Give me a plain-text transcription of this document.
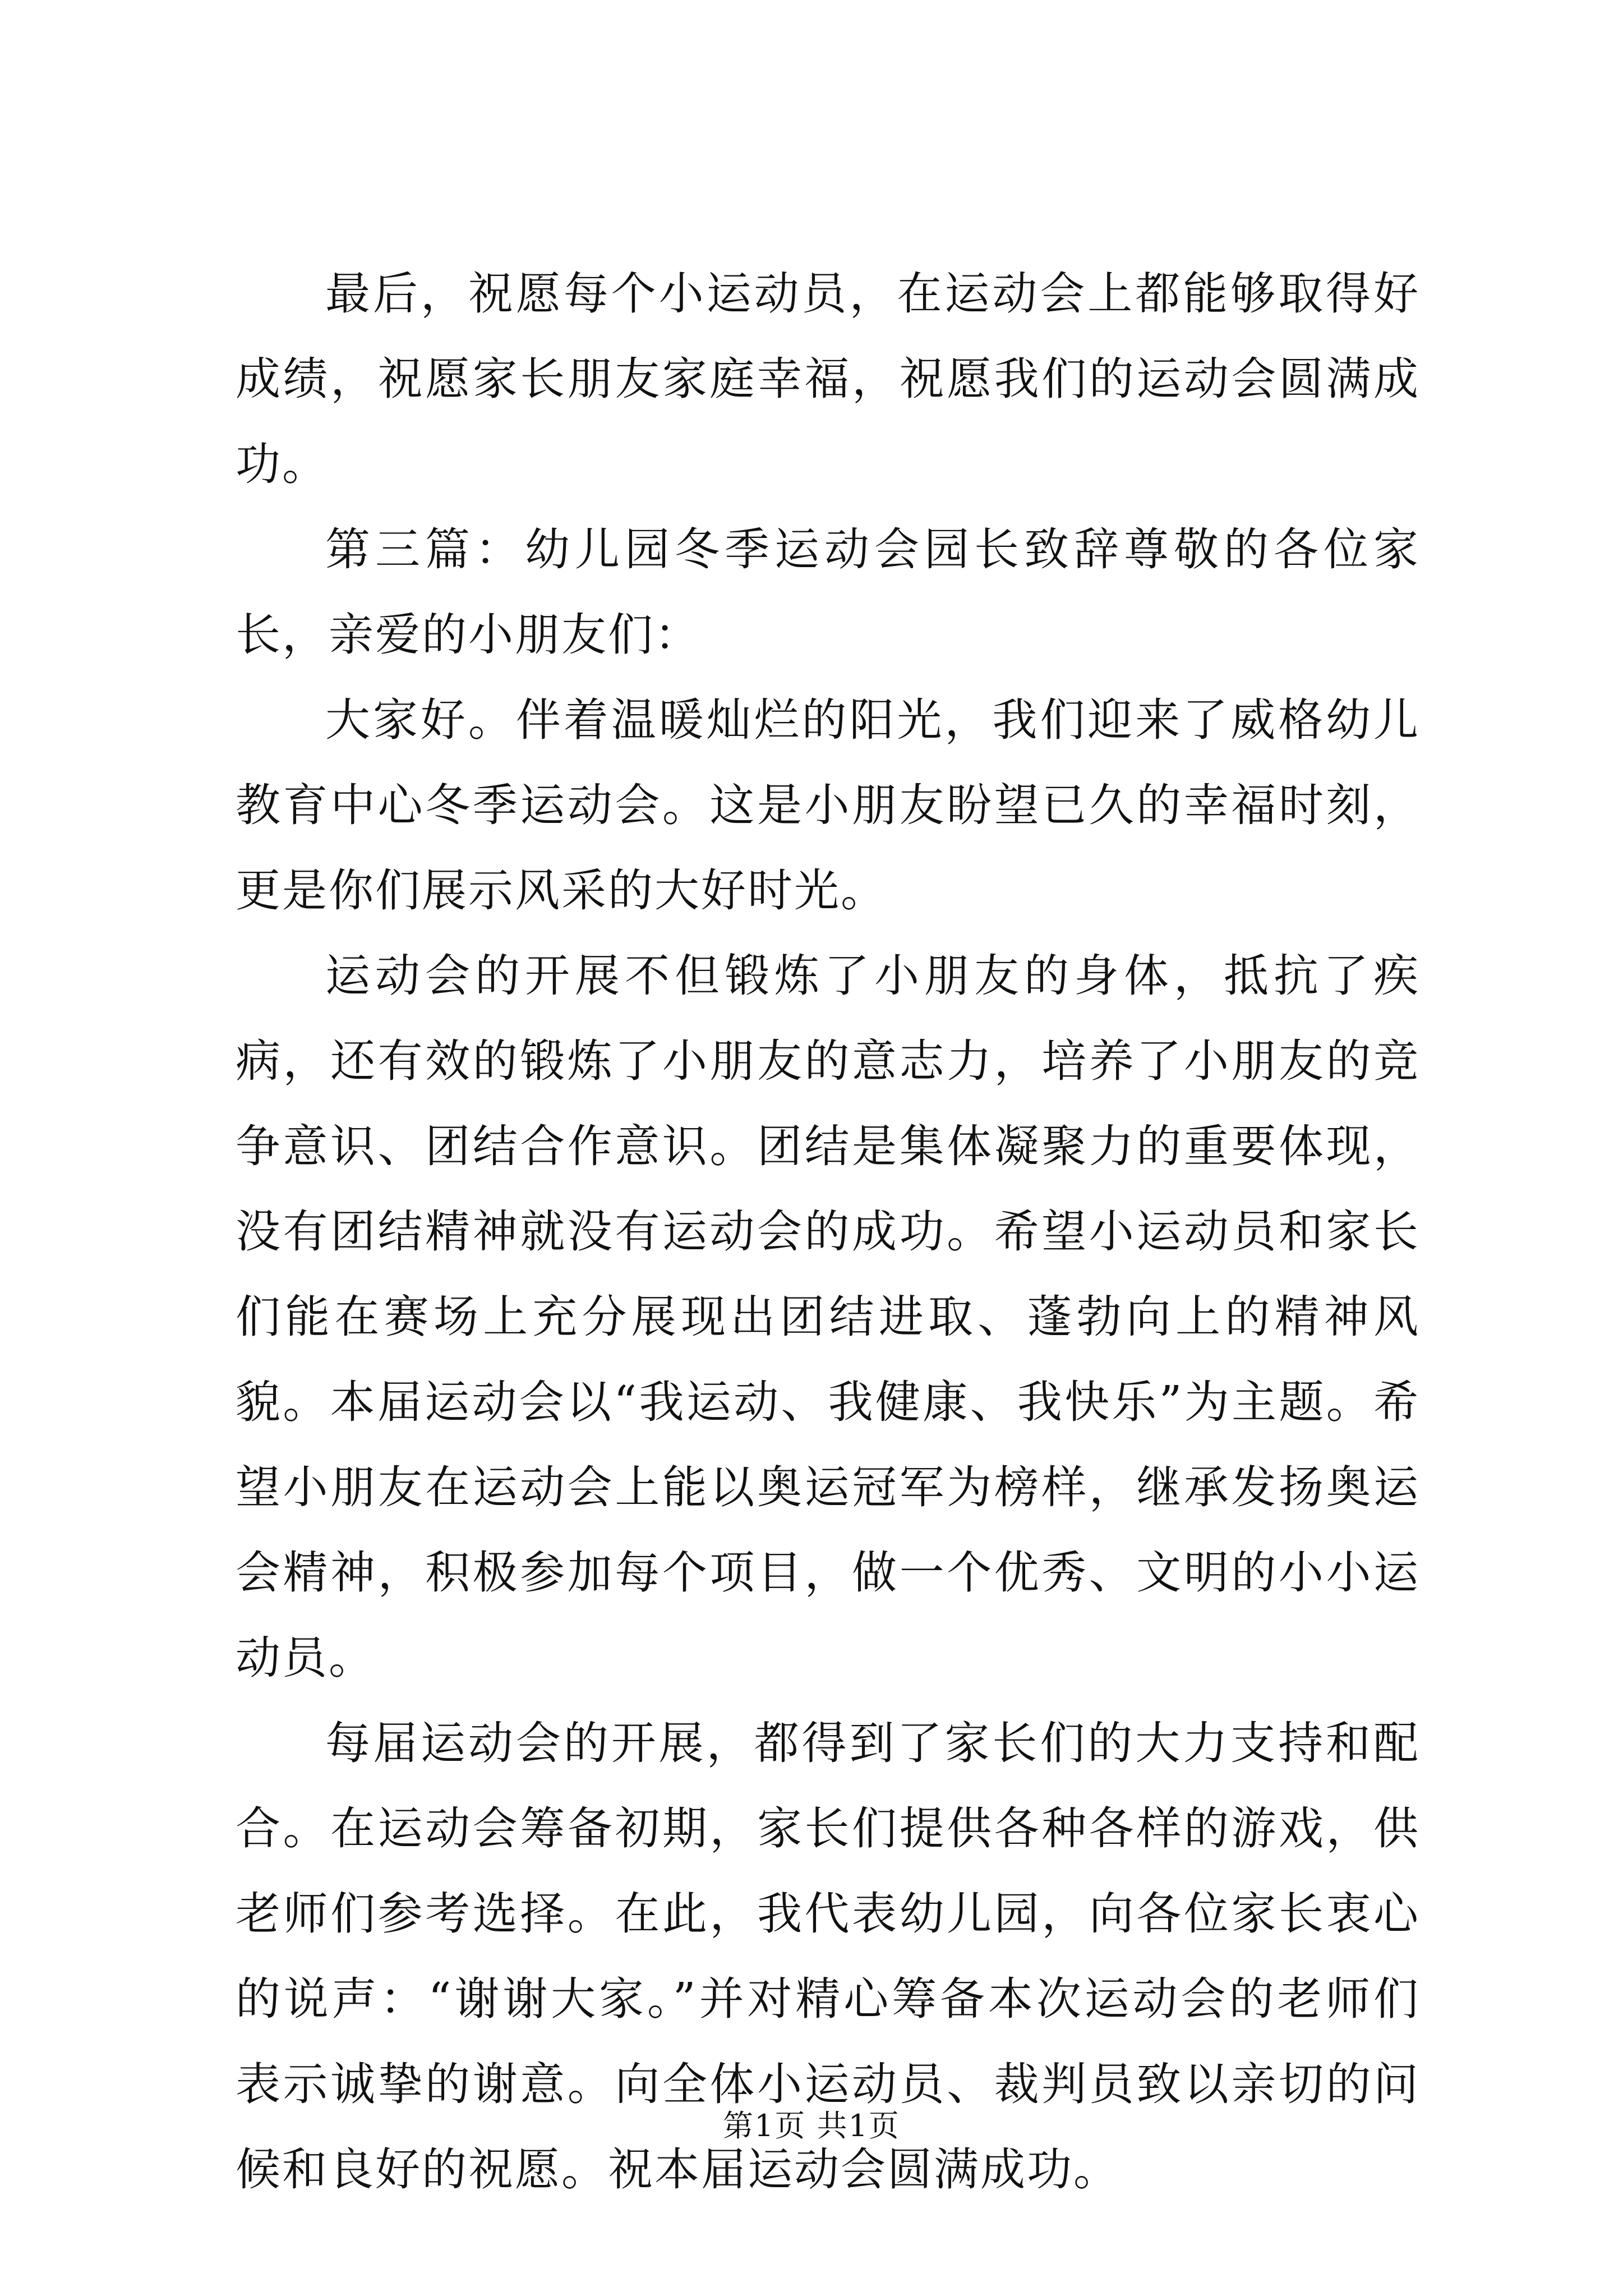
最后，祝愿每个小运动员，在运动会上都能够取得好成绩，祝愿家长朋友家庭幸福，祝愿我们的运动会圆满成功。

第三篇：幼儿园冬季运动会园长致辞尊敬的各位家长，亲爱的小朋友们：

大家好。伴着温暖灿烂的阳光，我们迎来了威格幼儿教育中心冬季运动会。这是小朋友盼望已久的幸福时刻，更是你们展示风采的大好时光。

运动会的开展不但锻炼了小朋友的身体，抵抗了疾病，还有效的锻炼了小朋友的意志力，培养了小朋友的竞争意识、团结合作意识。团结是集体凝聚力的重要体现，没有团结精神就没有运动会的成功。希望小运动员和家长们能在赛场上充分展现出团结进取、蓬勃向上的精神风貌。本届运动会以“我运动、我健康、我快乐”为主题。希望小朋友在运动会上能以奥运冠军为榜样，继承发扬奥运会精神，积极参加每个项目，做一个优秀、文明的小小运动员。

每届运动会的开展，都得到了家长们的大力支持和配合。在运动会筹备初期，家长们提供各种各样的游戏，供老师们参考选择。在此，我代表幼儿园，向各位家长衷心的说声：“谢谢大家。”并对精心筹备本次运动会的老师们表示诚挚的谢意。向全体小运动员、裁判员致以亲切的问候和良好的祝愿。祝本届运动会圆满成功。

第1页 共1页
